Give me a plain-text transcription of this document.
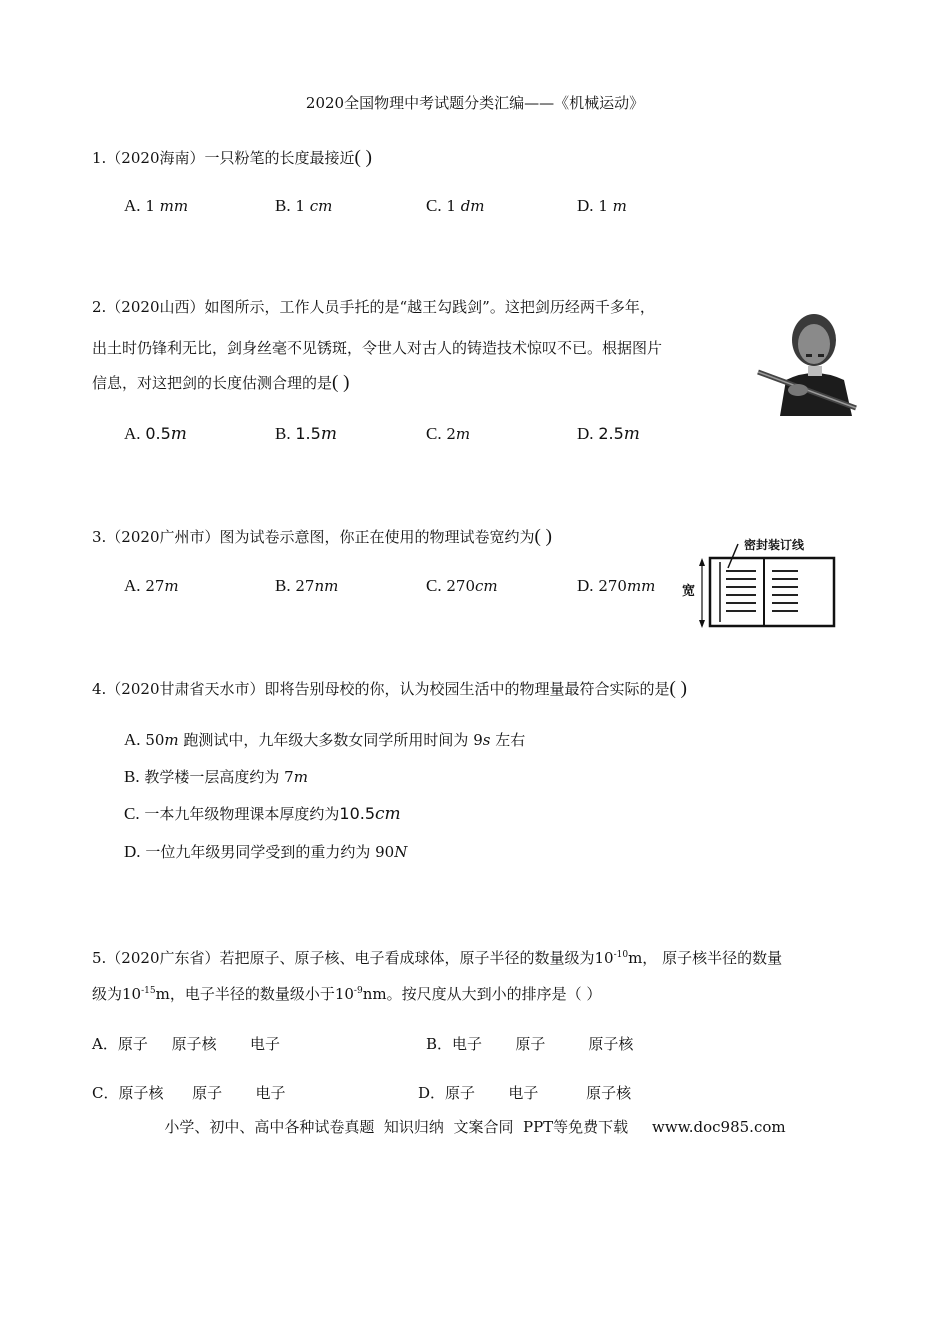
2020全国物理中考试题分类汇编——《机械运动》
1.（2020海南）一只粉笔的长度最接近( )
A. 1 mm	B. 1 cm	C. 1 dm	D. 1 m
2.（2020山西）如图所示，工作人员手托的是“越王勾践剑”。这把剑历经两千多年，
出土时仍锋利无比，剑身丝毫不见锈斑，令世人对古人的铸造技术惊叹不已。根据图片
信息，对这把剑的长度估测合理的是( )
A. 0.5m	B. 1.5m	C. 2m	D. 2.5m
3.（2020广州市）图为试卷示意图，你正在使用的物理试卷宽约为( )	密封装订线
宽
A. 27m	B. 27nm	C. 270cm	D. 270mm
4.（2020甘肃省天水市）即将告别母校的你，认为校园生活中的物理量最符合实际的是( )
A. 50m 跑测试中，九年级大多数女同学所用时间为 9s 左右
B. 教学楼一层高度约为 7m
C. 一本九年级物理课本厚度约为10.5cm
D. 一位九年级男同学受到的重力约为 90N
5.（2020广东省）若把原子、原子核、电子看成球体，原子半径的数量级为$10^{-10}m$， 原子核半径的数量
级为$10^{-15}m$，电子半径的数量级小于$10^{-9}nm$。按尺度从大到小的排序是（ ）
A．原子     原子核       电子	B．电子       原子         原子核
C．原子核      原子       电子	D．原子       电子          原子核
小学、初中、高中各种试卷真题  知识归纳  文案合同  PPT等免费下载     www.doc985.com
